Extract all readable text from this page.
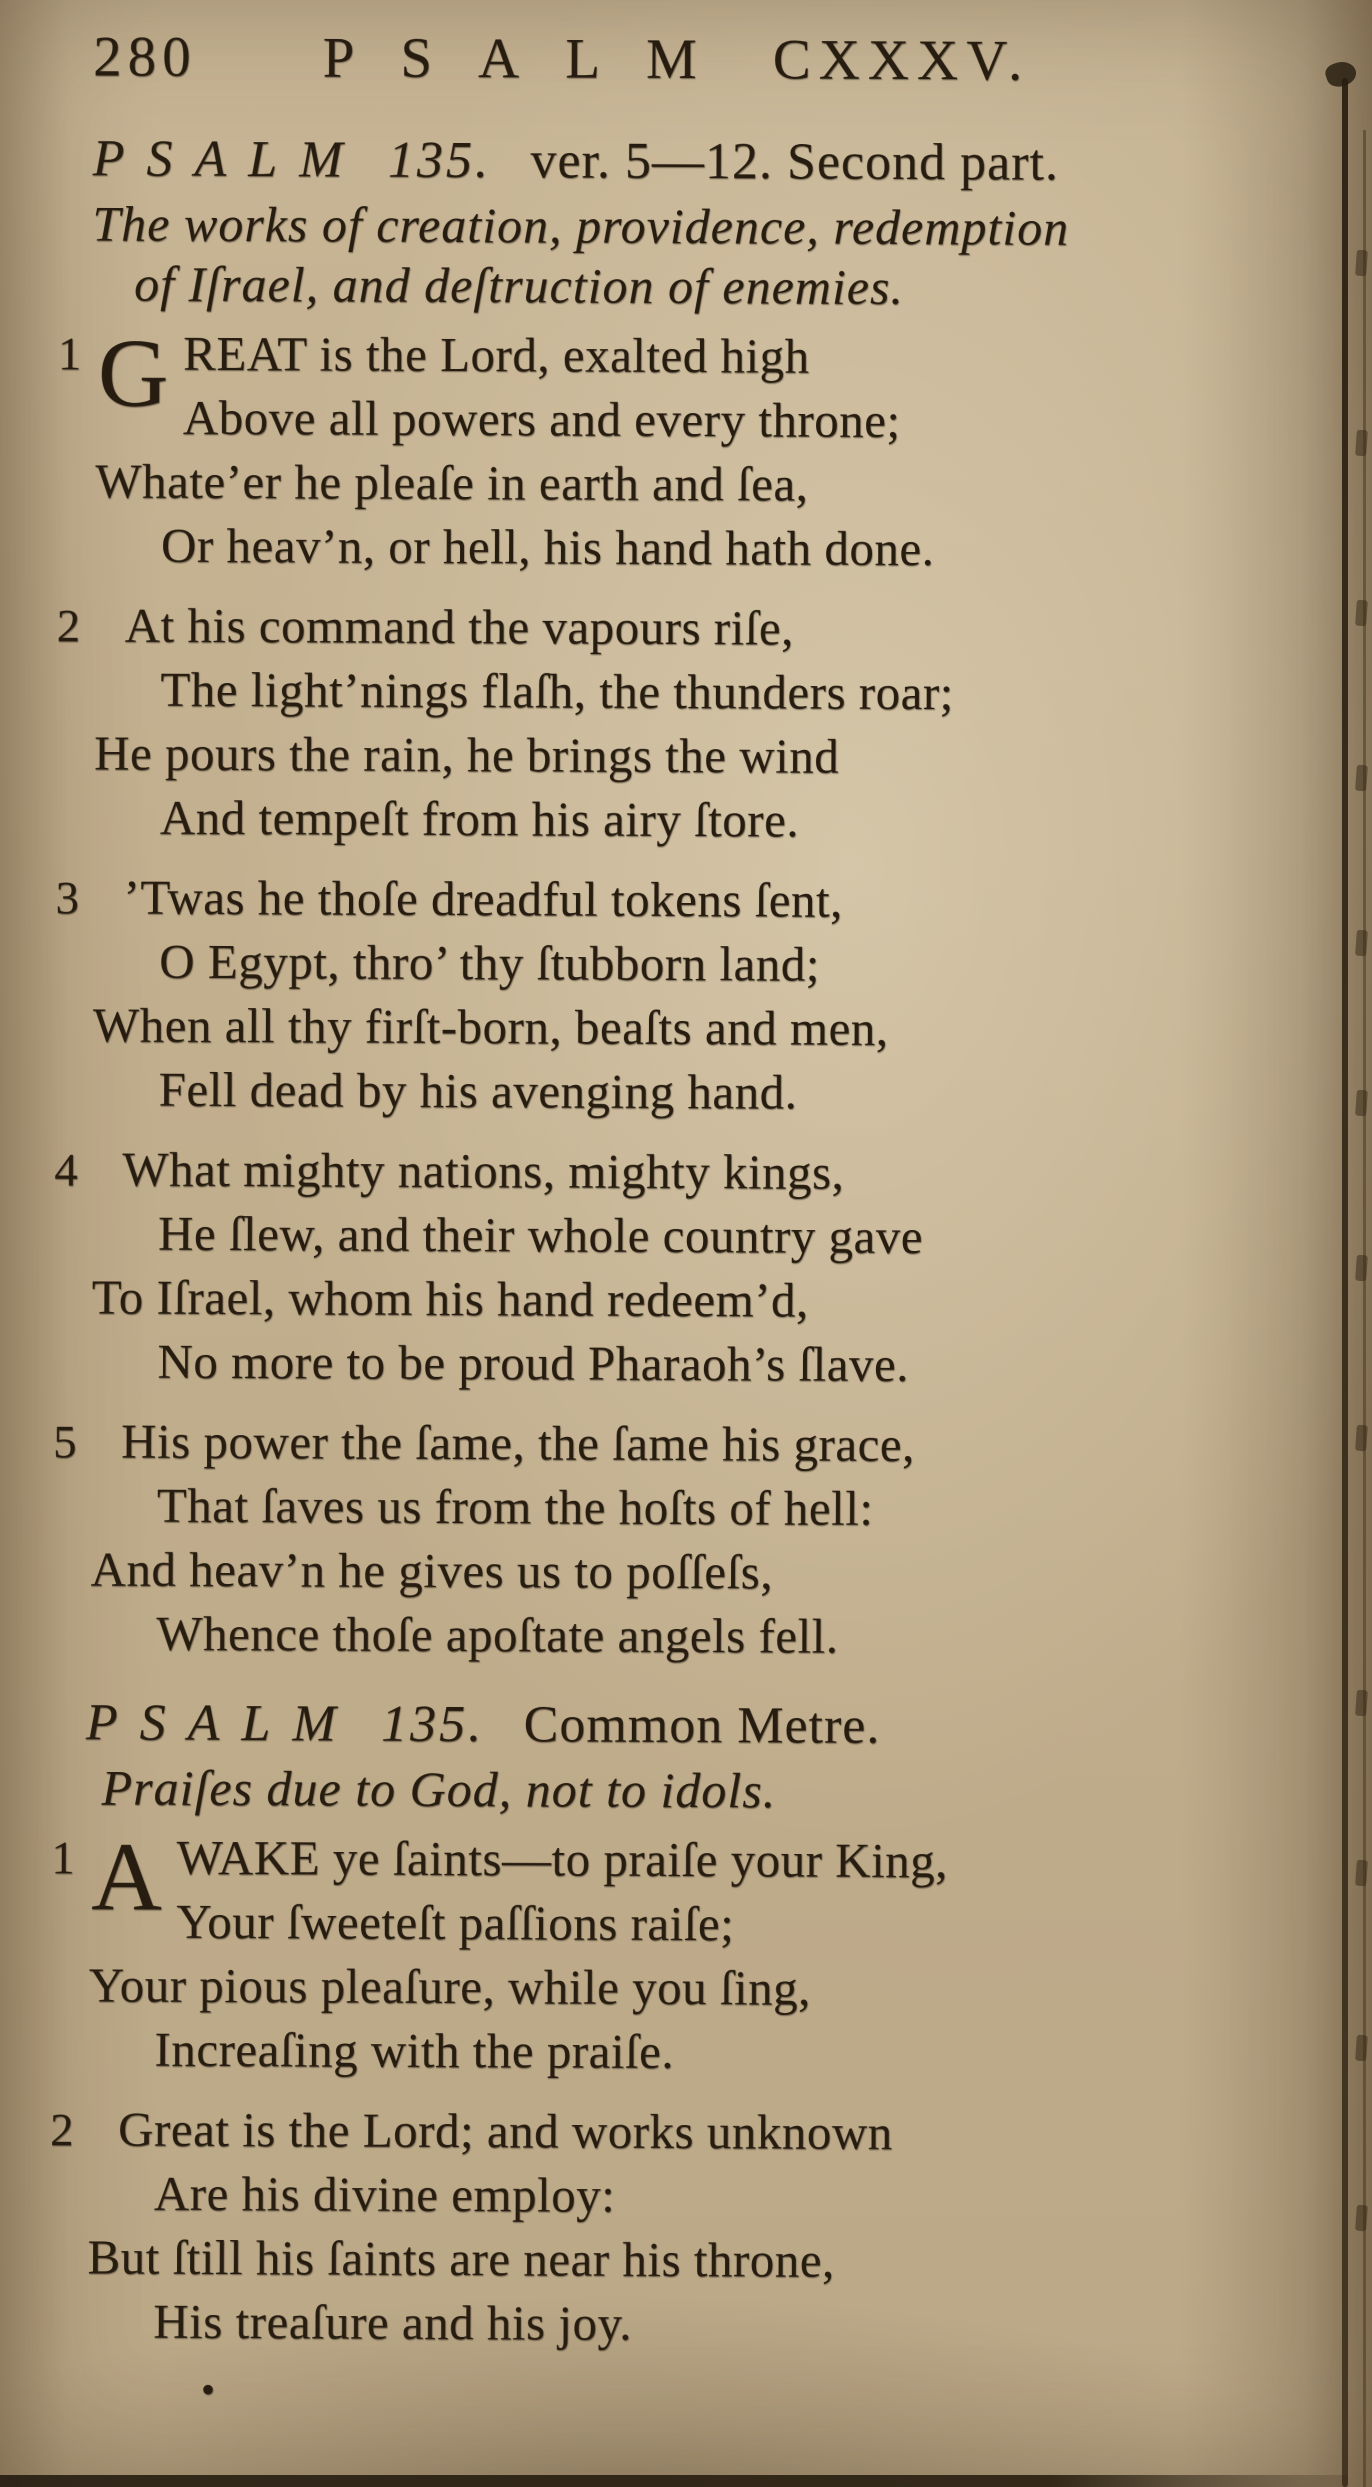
280 PSALM CXXXV.
PSALM 135. ver. 5—12. Second part.
The works of creation, providence, redemption
of Iſrael, and deſtruction of enemies.
1 G REAT is the Lord, exalted high
Above all powers and every throne;
Whate’er he pleaſe in earth and ſea,
Or heav’n, or hell, his hand hath done.
2 At his command the vapours riſe,
The light’nings flaſh, the thunders roar;
He pours the rain, he brings the wind
And tempeſt from his airy ſtore.
3 ’Twas he thoſe dreadful tokens ſent,
O Egypt, thro’ thy ſtubborn land;
When all thy firſt-born, beaſts and men,
Fell dead by his avenging hand.
4 What mighty nations, mighty kings,
He ſlew, and their whole country gave
To Iſrael, whom his hand redeem’d,
No more to be proud Pharaoh’s ſlave.
5 His power the ſame, the ſame his grace,
That ſaves us from the hoſts of hell:
And heav’n he gives us to poſſeſs,
Whence thoſe apoſtate angels fell.
PSALM 135. Common Metre.
Praiſes due to God, not to idols.
1 A WAKE ye ſaints—to praiſe your King,
Your ſweeteſt paſſions raiſe;
Your pious pleaſure, while you ſing,
Increaſing with the praiſe.
2 Great is the Lord; and works unknown
Are his divine employ:
But ſtill his ſaints are near his throne,
His treaſure and his joy.
•
